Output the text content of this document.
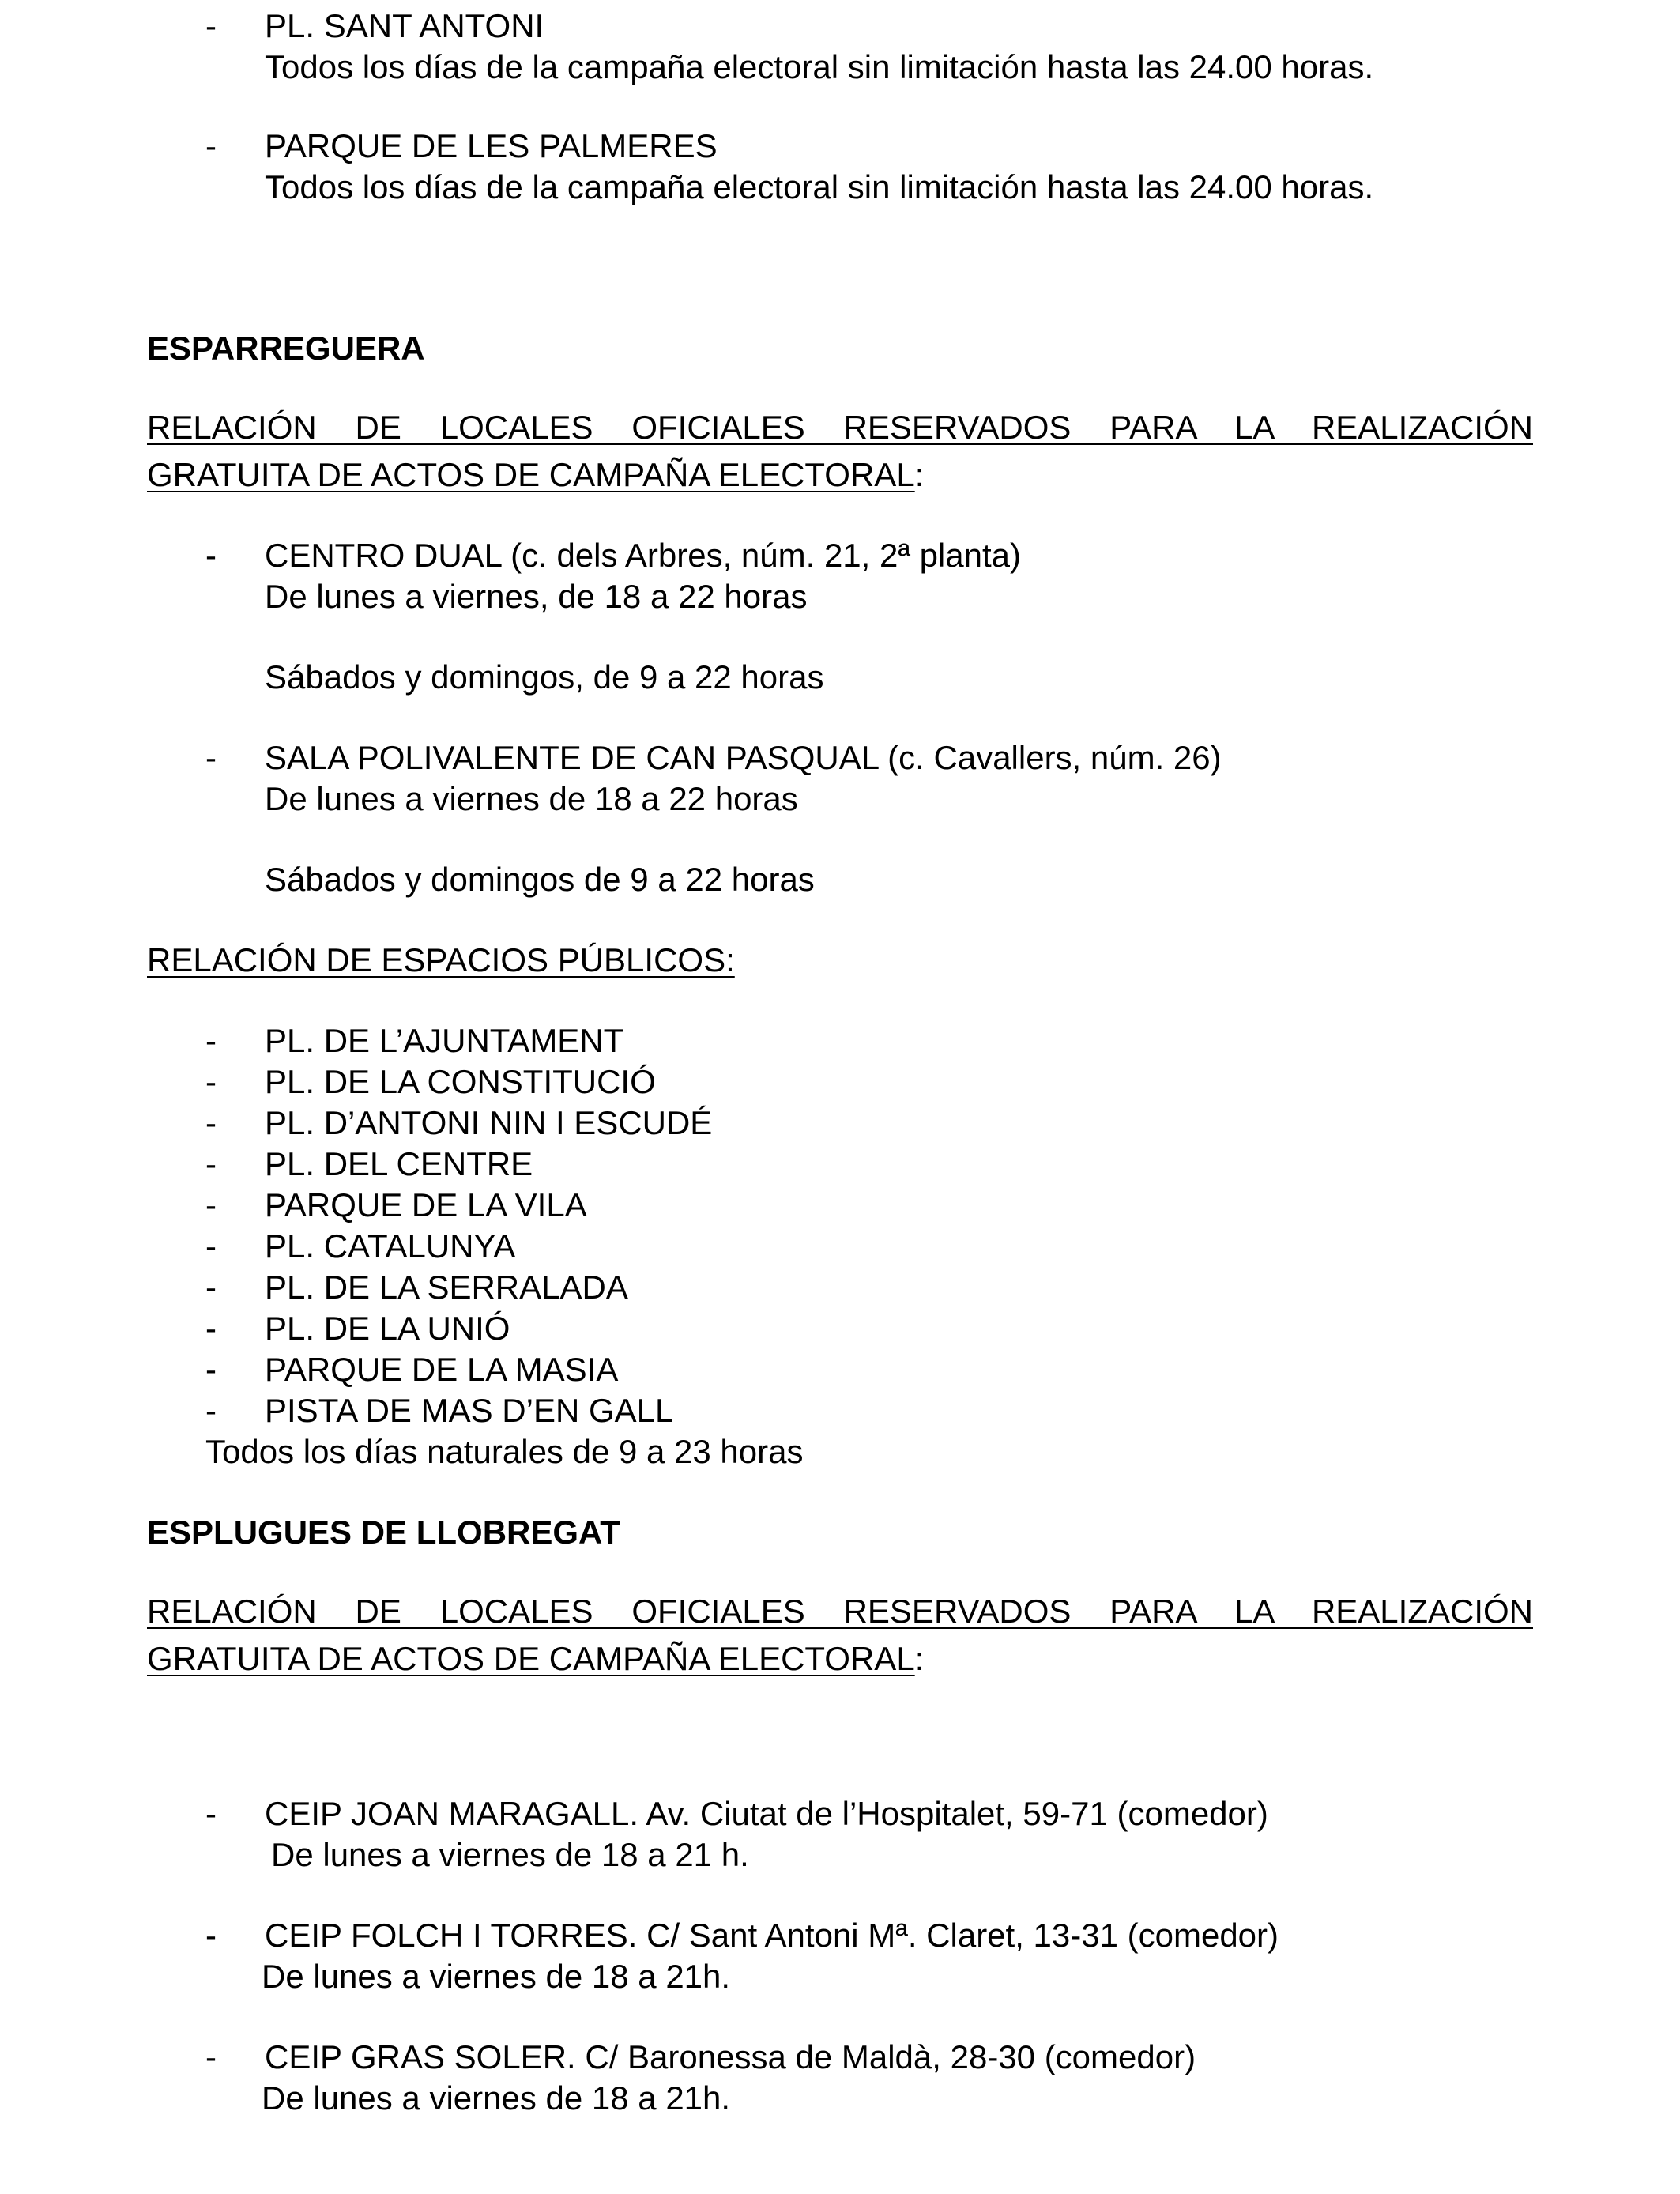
- PL. SANT ANTONI
Todos los días de la campaña electoral sin limitación hasta las 24.00 horas.
- PARQUE DE LES PALMERES
Todos los días de la campaña electoral sin limitación hasta las 24.00 horas.
ESPARREGUERA
RELACIÓN DE LOCALES OFICIALES RESERVADOS PARA LA REALIZACIÓN
GRATUITA DE ACTOS DE CAMPAÑA ELECTORAL:
- CENTRO DUAL (c. dels Arbres, núm. 21, 2ª planta)
De lunes a viernes, de 18 a 22 horas
Sábados y domingos, de 9 a 22 horas
- SALA POLIVALENTE DE CAN PASQUAL (c. Cavallers, núm. 26)
De lunes a viernes de 18 a 22 horas
Sábados y domingos de 9 a 22 horas
RELACIÓN DE ESPACIOS PÚBLICOS:
- PL. DE L’AJUNTAMENT
- PL. DE LA CONSTITUCIÓ
- PL. D’ANTONI NIN I ESCUDÉ
- PL. DEL CENTRE
- PARQUE DE LA VILA
- PL. CATALUNYA
- PL. DE LA SERRALADA
- PL. DE LA UNIÓ
- PARQUE DE LA MASIA
- PISTA DE MAS D’EN GALL
Todos los días naturales de 9 a 23 horas
ESPLUGUES DE LLOBREGAT
RELACIÓN DE LOCALES OFICIALES RESERVADOS PARA LA REALIZACIÓN
GRATUITA DE ACTOS DE CAMPAÑA ELECTORAL:
- CEIP JOAN MARAGALL. Av. Ciutat de l’Hospitalet, 59-71 (comedor)
De lunes a viernes de 18 a 21 h.
- CEIP FOLCH I TORRES. C/ Sant Antoni Mª. Claret, 13-31 (comedor)
De lunes a viernes de 18 a 21h.
- CEIP GRAS SOLER. C/ Baronessa de Maldà, 28-30 (comedor)
De lunes a viernes de 18 a 21h.
